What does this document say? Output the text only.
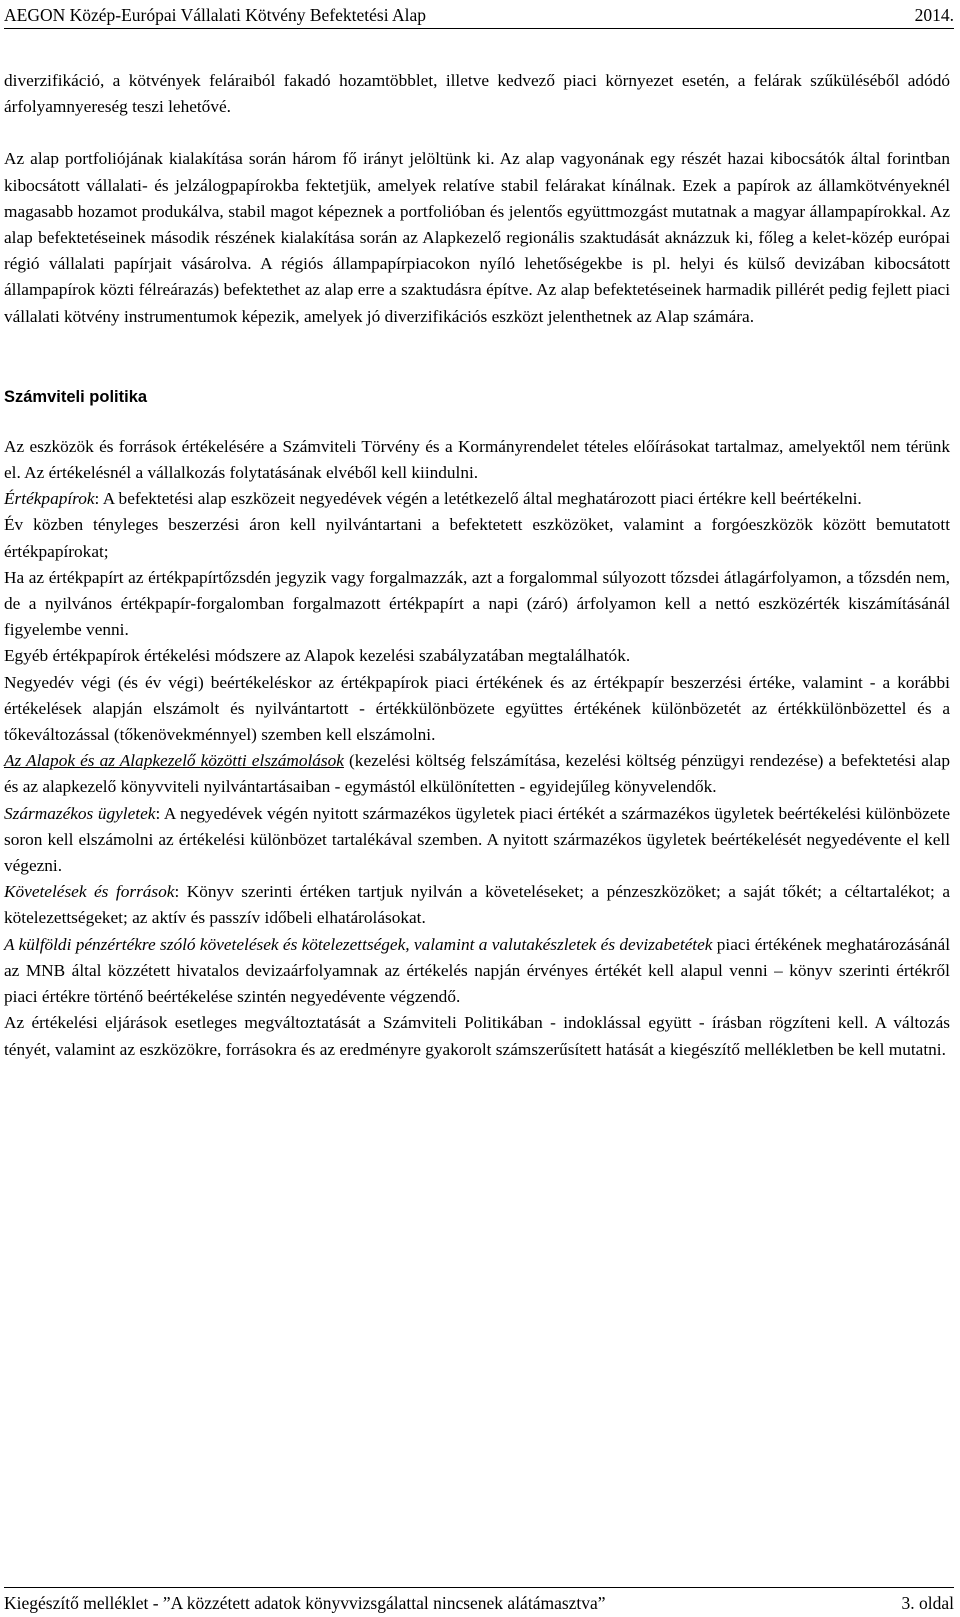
AEGON Közép-Európai Vállalati Kötvény Befektetési Alap	2014.

diverzifikáció, a kötvények feláraiból fakadó hozamtöbblet, illetve kedvező piaci környezet esetén, a felárak szűküléséből adódó árfolyamnyereség teszi lehetővé.

Az alap portfoliójának kialakítása során három fő irányt jelöltünk ki. Az alap vagyonának egy részét hazai kibocsátók által forintban kibocsátott vállalati- és jelzálogpapírokba fektetjük, amelyek relatíve stabil felárakat kínálnak. Ezek a papírok az államkötvényeknél magasabb hozamot produkálva, stabil magot képeznek a portfolióban és jelentős együttmozgást mutatnak a magyar állampapírokkal. Az alap befektetéseinek második részének kialakítása során az Alapkezelő regionális szaktudását aknázzuk ki, főleg a kelet-közép európai régió vállalati papírjait vásárolva. A régiós állampapírpiacokon nyíló lehetőségekbe is pl. helyi és külső devizában kibocsátott állampapírok közti félreárazás) befektethet az alap erre a szaktudásra építve. Az alap befektetéseinek harmadik pillérét pedig fejlett piaci vállalati kötvény instrumentumok képezik, amelyek jó diverzifikációs eszközt jelenthetnek az Alap számára.

Számviteli politika

Az eszközök és források értékelésére a Számviteli Törvény és a Kormányrendelet tételes előírásokat tartalmaz, amelyektől nem térünk el. Az értékelésnél a vállalkozás folytatásának elvéből kell kiindulni.

Értékpapírok: A befektetési alap eszközeit negyedévek végén a letétkezelő által meghatározott piaci értékre kell beértékelni.

Év közben tényleges beszerzési áron kell nyilvántartani a befektetett eszközöket, valamint a forgóeszközök között bemutatott értékpapírokat;

Ha az értékpapírt az értékpapírtőzsdén jegyzik vagy forgalmazzák, azt a forgalommal súlyozott tőzsdei átlagárfolyamon, a tőzsdén nem, de a nyilvános értékpapír-forgalomban forgalmazott értékpapírt a napi (záró) árfolyamon kell a nettó eszközérték kiszámításánál figyelembe venni.

Egyéb értékpapírok értékelési módszere az Alapok kezelési szabályzatában megtalálhatók.

Negyedév végi (és év végi) beértékeléskor az értékpapírok piaci értékének és az értékpapír beszerzési értéke, valamint - a korábbi értékelések alapján elszámolt és nyilvántartott - értékkülönbözete együttes értékének különbözetét az értékkülönbözettel és a tőkeváltozással (tőkenövekménnyel) szemben kell elszámolni.

Az Alapok és az Alapkezelő közötti elszámolások (kezelési költség felszámítása, kezelési költség pénzügyi rendezése) a befektetési alap és az alapkezelő könyvviteli nyilvántartásaiban - egymástól elkülönítetten - egyidejűleg könyvelendők.

Származékos ügyletek: A negyedévek végén nyitott származékos ügyletek piaci értékét a származékos ügyletek beértékelési különbözete soron kell elszámolni az értékelési különbözet tartalékával szemben. A nyitott származékos ügyletek beértékelését negyedévente el kell végezni.

Követelések és források: Könyv szerinti értéken tartjuk nyilván a követeléseket; a pénzeszközöket; a saját tőkét; a céltartalékot; a kötelezettségeket; az aktív és passzív időbeli elhatárolásokat.

A külföldi pénzértékre szóló követelések és kötelezettségek, valamint a valutakészletek és devizabetétek piaci értékének meghatározásánál az MNB által közzétett hivatalos devizaárfolyamnak az értékelés napján érvényes értékét kell alapul venni – könyv szerinti értékről piaci értékre történő beértékelése szintén negyedévente végzendő.

Az értékelési eljárások esetleges megváltoztatását a Számviteli Politikában - indoklással együtt - írásban rögzíteni kell. A változás tényét, valamint az eszközökre, forrásokra és az eredményre gyakorolt számszerűsített hatását a kiegészítő mellékletben be kell mutatni.

Kiegészítő melléklet - ”A közzétett adatok könyvvizsgálattal nincsenek alátámasztva”	3. oldal
